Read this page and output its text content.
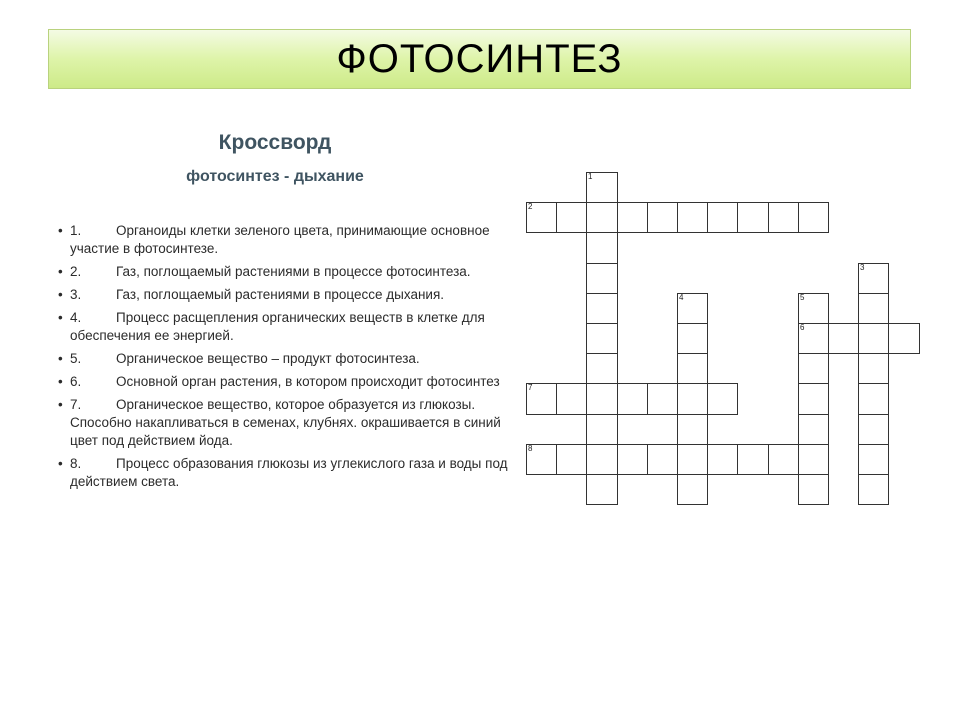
ФОТОСИНТЕЗ
Кроссворд
фотосинтез - дыхание
• 1.	Органоиды клетки зеленого цвета, принимающие основное участие в фотосинтезе.
• 2.	Газ, поглощаемый растениями в процессе фотосинтеза.
• 3.	Газ, поглощаемый растениями в процессе дыхания.
• 4.	Процесс расщепления органических веществ в клетке для обеспечения ее энергией.
• 5.	Органическое вещество – продукт фотосинтеза.
• 6.	Основной орган растения, в котором происходит фотосинтез
• 7.	Органическое вещество, которое образуется из глюкозы. Способно накапливаться в семенах, клубнях. окрашивается в синий цвет под действием йода.
• 8.	Процесс образования глюкозы из углекислого газа и воды под действием света.
1
2
3
4	5
6
7
8
